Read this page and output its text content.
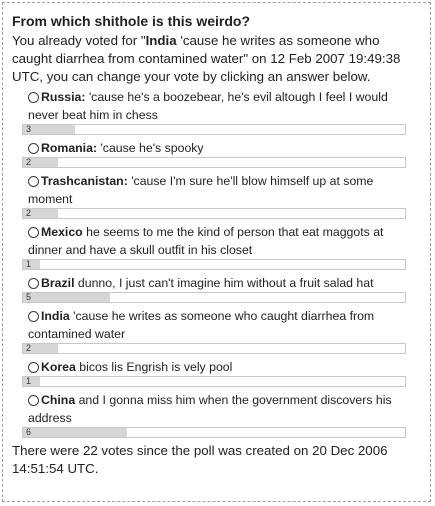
From which shithole is this weirdo?
You already voted for "India 'cause he writes as someone who caught diarrhea from contamined water" on 12 Feb 2007 19:49:38 UTC, you can change your vote by clicking an answer below.
Russia: 'cause he's a boozebear, he's evil altough I feel I would never beat him in chess
3
Romania: 'cause he's spooky
2
Trashcanistan: 'cause I'm sure he'll blow himself up at some moment
2
Mexico he seems to me the kind of person that eat maggots at dinner and have a skull outfit in his closet
1
Brazil dunno, I just can't imagine him without a fruit salad hat
5
India 'cause he writes as someone who caught diarrhea from contamined water
2
Korea bicos lis Engrish is vely pool
1
China and I gonna miss him when the government discovers his address
6
There were 22 votes since the poll was created on 20 Dec 2006 14:51:54 UTC.
